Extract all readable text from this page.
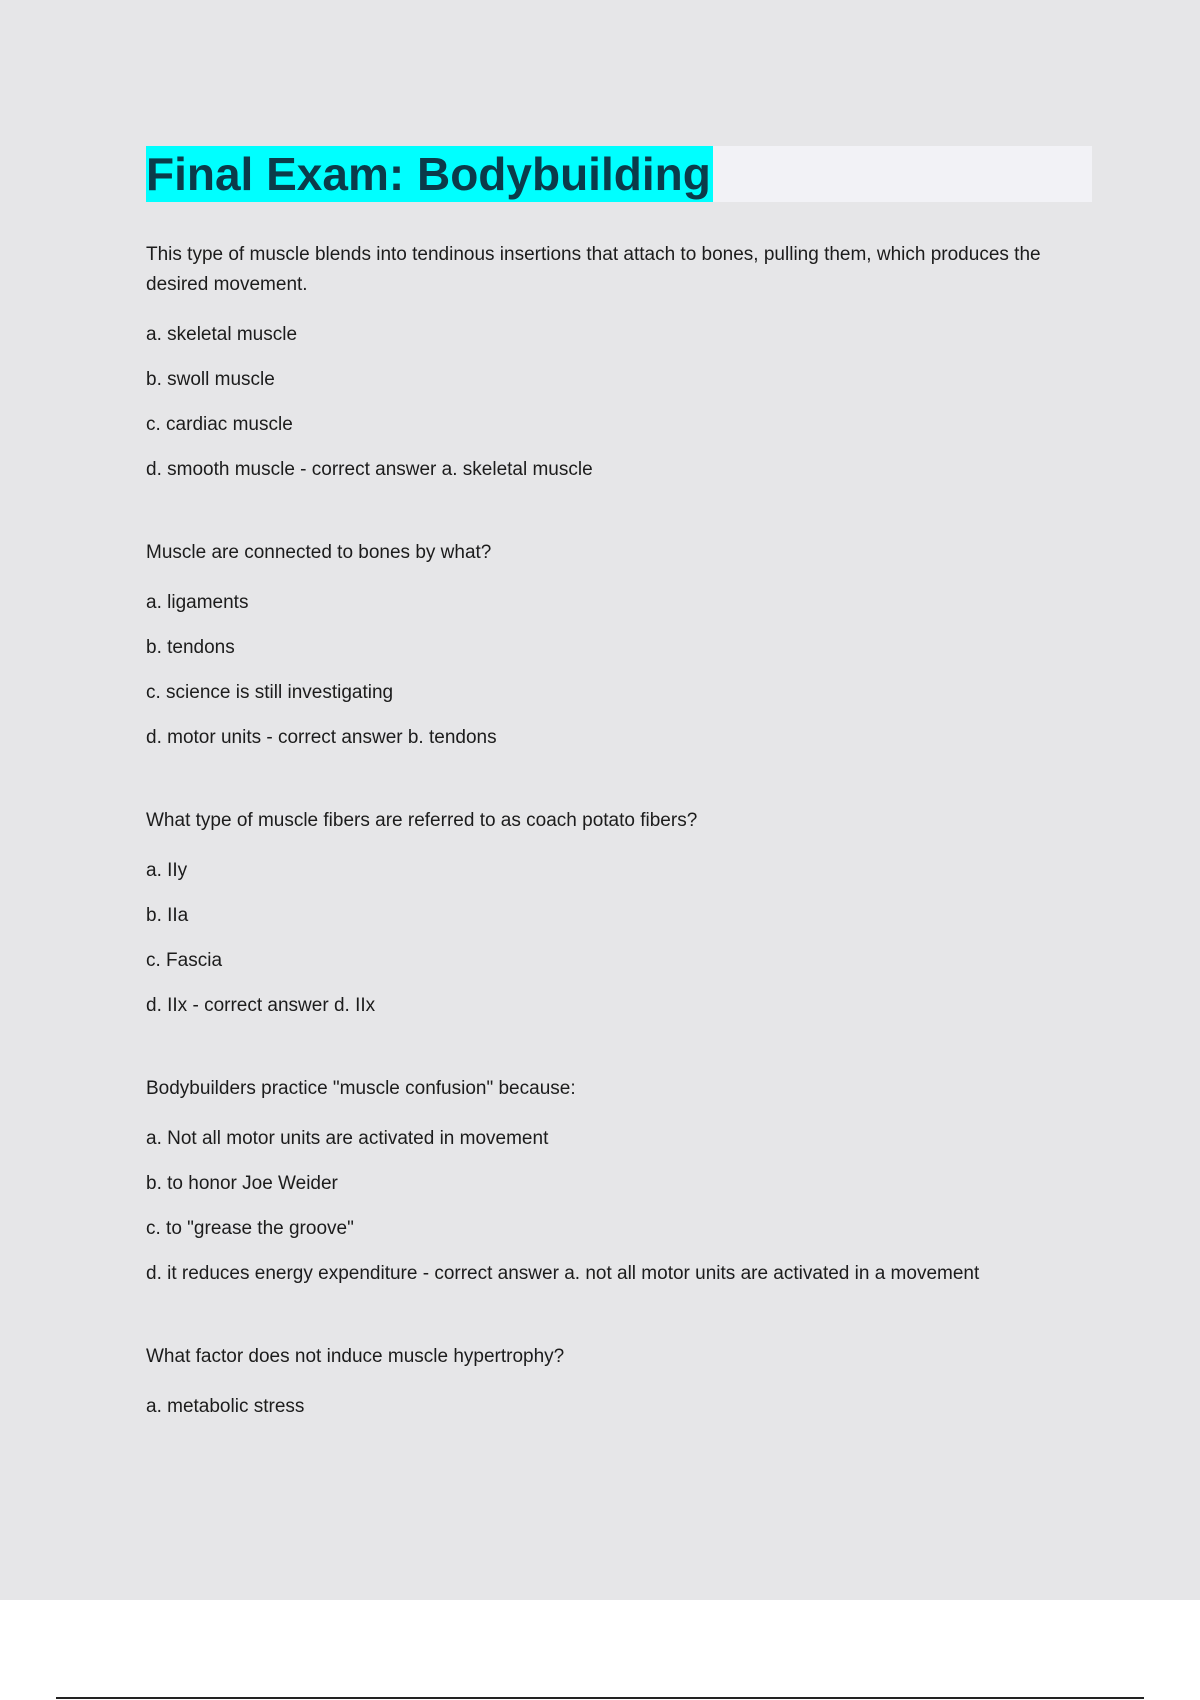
Final Exam: Bodybuilding

This type of muscle blends into tendinous insertions that attach to bones, pulling them, which produces the desired movement.

a. skeletal muscle

b. swoll muscle

c. cardiac muscle

d. smooth muscle - correct answer a. skeletal muscle

Muscle are connected to bones by what?

a. ligaments

b. tendons

c. science is still investigating

d. motor units - correct answer b. tendons

What type of muscle fibers are referred to as coach potato fibers?

a. IIy

b. IIa

c. Fascia

d. IIx - correct answer d. IIx

Bodybuilders practice "muscle confusion" because:

a. Not all motor units are activated in movement

b. to honor Joe Weider

c. to "grease the groove"

d. it reduces energy expenditure - correct answer a. not all motor units are activated in a movement

What factor does not induce muscle hypertrophy?

a. metabolic stress
